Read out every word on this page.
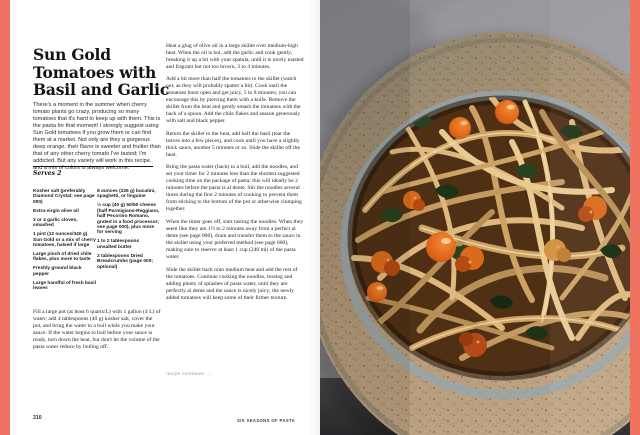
Sun Gold
Tomatoes with
Basil and Garlic

There's a moment in the summer when cherry tomato plants go crazy, producing so many tomatoes that it's hard to keep up with them. This is the pasta for that moment! I strongly suggest using Sun Gold tomatoes if you grow them or can find them at a market. Not only are they a gorgeous deep orange, their flavor is sweeter and fruitier than that of any other cherry tomato I've tasted; I'm addicted. But any variety will work in this recipe, and a mix of colors is always welcome.

Serves 2
Kosher salt (preferably Diamond Crystal; see page 000)
Extra-virgin olive oil
3 or 4 garlic cloves, smashed
1 pint (12 ounces/340 g) Sun Gold or a mix of cherry tomatoes, halved if large
Large pinch of dried chile flakes, plus more to taste
Freshly ground black pepper
Large handful of fresh basil leaves
8 ounces (226 g) bucatini, spaghetti, or linguine
⅓ cup (40 g) 50/50 cheese (half Parmigiano-Reggiano, half Pecorino Romano, grated in a food processor; see page 000), plus more for serving
1 to 2 tablespoons unsalted butter
2 tablespoons Dried Breadcrumbs (page 000; optional)

Fill a large pot (at least 6 quarts/L) with 1 gallon (4 L) of water; add 4 tablespoons (40 g) kosher salt, cover the pot, and bring the water to a boil while you make your sauce. If the water begins to boil before your sauce is ready, turn down the heat, but don't let the volume of the pasta water reduce by boiling off.

Heat a glug of olive oil in a large skillet over medium-high heat. When the oil is hot, add the garlic and cook gently, breaking it up a bit with your spatula, until it is nicely toasted and fragrant but not too brown, 3 to 4 minutes.

Add a bit more than half the tomatoes to the skillet (watch out, as they will probably spatter a bit). Cook until the tomatoes burst open and get juicy, 5 to 8 minutes; you can encourage this by piercing them with a knife. Remove the skillet from the heat and gently smash the tomatoes with the back of a spoon. Add the chile flakes and season generously with salt and black pepper.

Return the skillet to the heat, add half the basil (tear the leaves into a few pieces), and cook until you have a slightly thick sauce, another 5 minutes or so. Slide the skillet off the heat.

Bring the pasta water (back) to a boil, add the noodles, and set your timer for 2 minutes less than the shortest suggested cooking time on the package of pasta; this will ideally be 2 minutes before the pasta is al dente. Stir the noodles several times during the first 2 minutes of cooking to prevent them from sticking to the bottom of the pot or otherwise clumping together.

When the timer goes off, start tasting the noodles. When they seem like they are 1½ to 2 minutes away from a perfect al dente (see page 000), drain and transfer them to the sauce in the skillet using your preferred method (see page 000), making sure to reserve at least 1 cup (240 ml) of the pasta water.

Slide the skillet back onto medium heat and add the rest of the tomatoes. Continue cooking the noodles, tossing and adding plenty of splashes of pasta water, until they are perfectly al dente and the sauce is nicely juicy; the newly added tomatoes will keep some of their firmer texture.

recipe continues →
310	SIX SEASONS OF PASTA
